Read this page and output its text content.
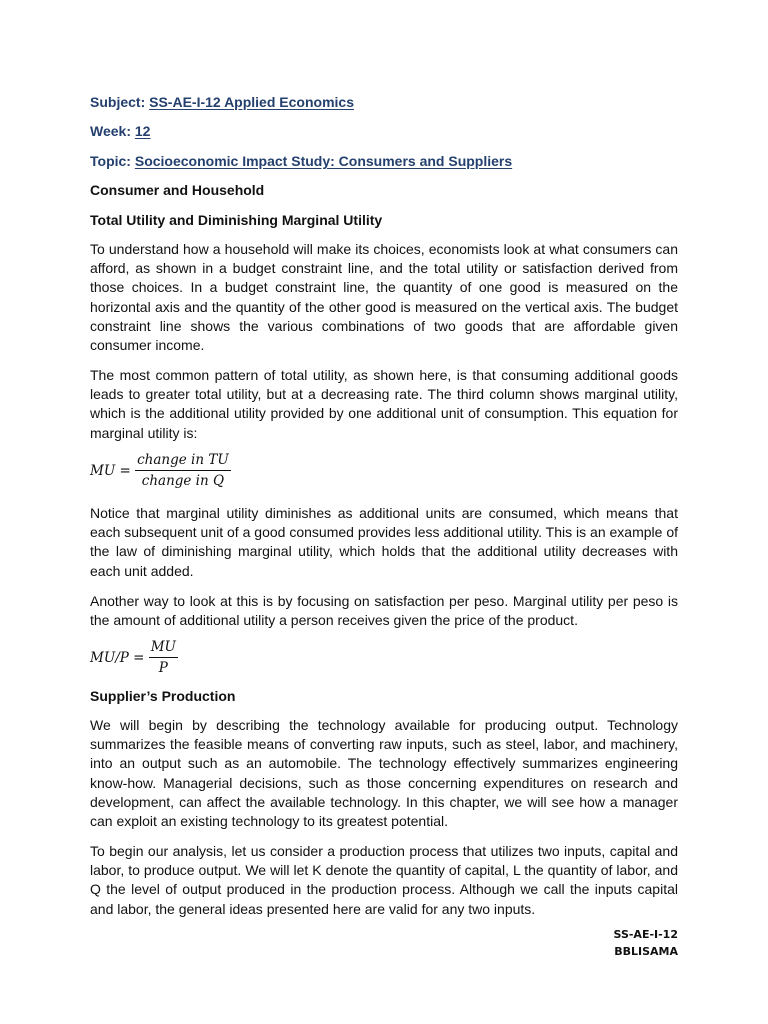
Subject: SS-AE-I-12 Applied Economics
Week: 12
Topic: Socioeconomic Impact Study: Consumers and Suppliers
Consumer and Household
Total Utility and Diminishing Marginal Utility

To understand how a household will make its choices, economists look at what consumers can afford, as shown in a budget constraint line, and the total utility or satisfaction derived from those choices. In a budget constraint line, the quantity of one good is measured on the horizontal axis and the quantity of the other good is measured on the vertical axis. The budget constraint line shows the various combinations of two goods that are affordable given consumer income.

The most common pattern of total utility, as shown here, is that consuming additional goods leads to greater total utility, but at a decreasing rate. The third column shows marginal utility, which is the additional utility provided by one additional unit of consumption. This equation for marginal utility is:

MU = $\frac{\text{change in TU}}{\text{change in Q}}$

Notice that marginal utility diminishes as additional units are consumed, which means that each subsequent unit of a good consumed provides less additional utility. This is an example of the law of diminishing marginal utility, which holds that the additional utility decreases with each unit added.

Another way to look at this is by focusing on satisfaction per peso. Marginal utility per peso is the amount of additional utility a person receives given the price of the product.

$MU/P = \frac{MU}{P}$
Supplier’s Production

We will begin by describing the technology available for producing output. Technology summarizes the feasible means of converting raw inputs, such as steel, labor, and machinery, into an output such as an automobile. The technology effectively summarizes engineering know-how. Managerial decisions, such as those concerning expenditures on research and development, can affect the available technology. In this chapter, we will see how a manager can exploit an existing technology to its greatest potential.

To begin our analysis, let us consider a production process that utilizes two inputs, capital and labor, to produce output. We will let K denote the quantity of capital, L the quantity of labor, and Q the level of output produced in the production process. Although we call the inputs capital and labor, the general ideas presented here are valid for any two inputs.

SS-AE-I-12
BBLISAMA
